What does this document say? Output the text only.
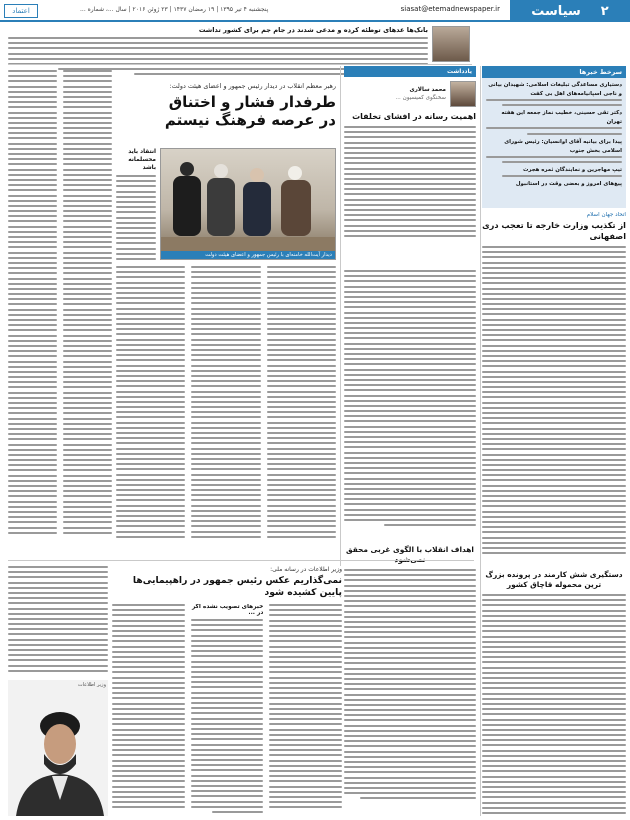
۲
سیاست
siasat@etemadnewspaper.ir
پنجشنبه ۴ تیر ۱۳۹۵ | ۱۹ رمضان ۱۴۳۷ | ۲۳ ژوئن ۲۰۱۶ | سال ...، شماره ...
اعتماد
بانک‌ها عدهای توطئه کرده و مدعی شدند در جام جم برای کشور تداشت
سرخط خبرها
دستیاری مساعدگی تبلیغات اسلامی: شهیدان بیانی و ناجی اسپانیامه‌های اهل بی کفت
دکتر تقی حسینی، خطیب نماز جمعه این هفته تهران
پیدا برای بیانیه آقای اوانسیان: رئیس شورای اسلامی بخش جنوب
تیپ مهاجرین و نمایندگان ثمره هجرت
پیغ‌های امروز و بعضی وقت در استانبول
اتحاد جهان اسلام
از تکذیب وزارت خارجه تا تعجب دری اصفهانی
دستگیری شش کارمند در پرونده بزرگ ترین محموله قاچاق کشور
یادداشت
محمد سالاری
سخنگوی کمیسیون ...
اهمیت رسانه در افشای تخلفات
اهداف انقلاب با الگوی غربی محقق
رهبر معظم انقلاب در دیدار رئیس جمهور و اعضای هیئت دولت:
طرفدار فشار و اختناق در عرصه فرهنگ نیستم
دیدار آیت‌الله خامنه‌ای با رئیس جمهور و اعضای هیئت دولت
انتقاد باید محسلمانه باشد
وزیر اطلاعات در رسانه ملی:
نمی‌گذاریم عکس رئیس جمهور در راهپیمایی‌ها پایین کشیده شود
خبرهای تصویب نشده اگر در ...
وزیر اطلاعات
